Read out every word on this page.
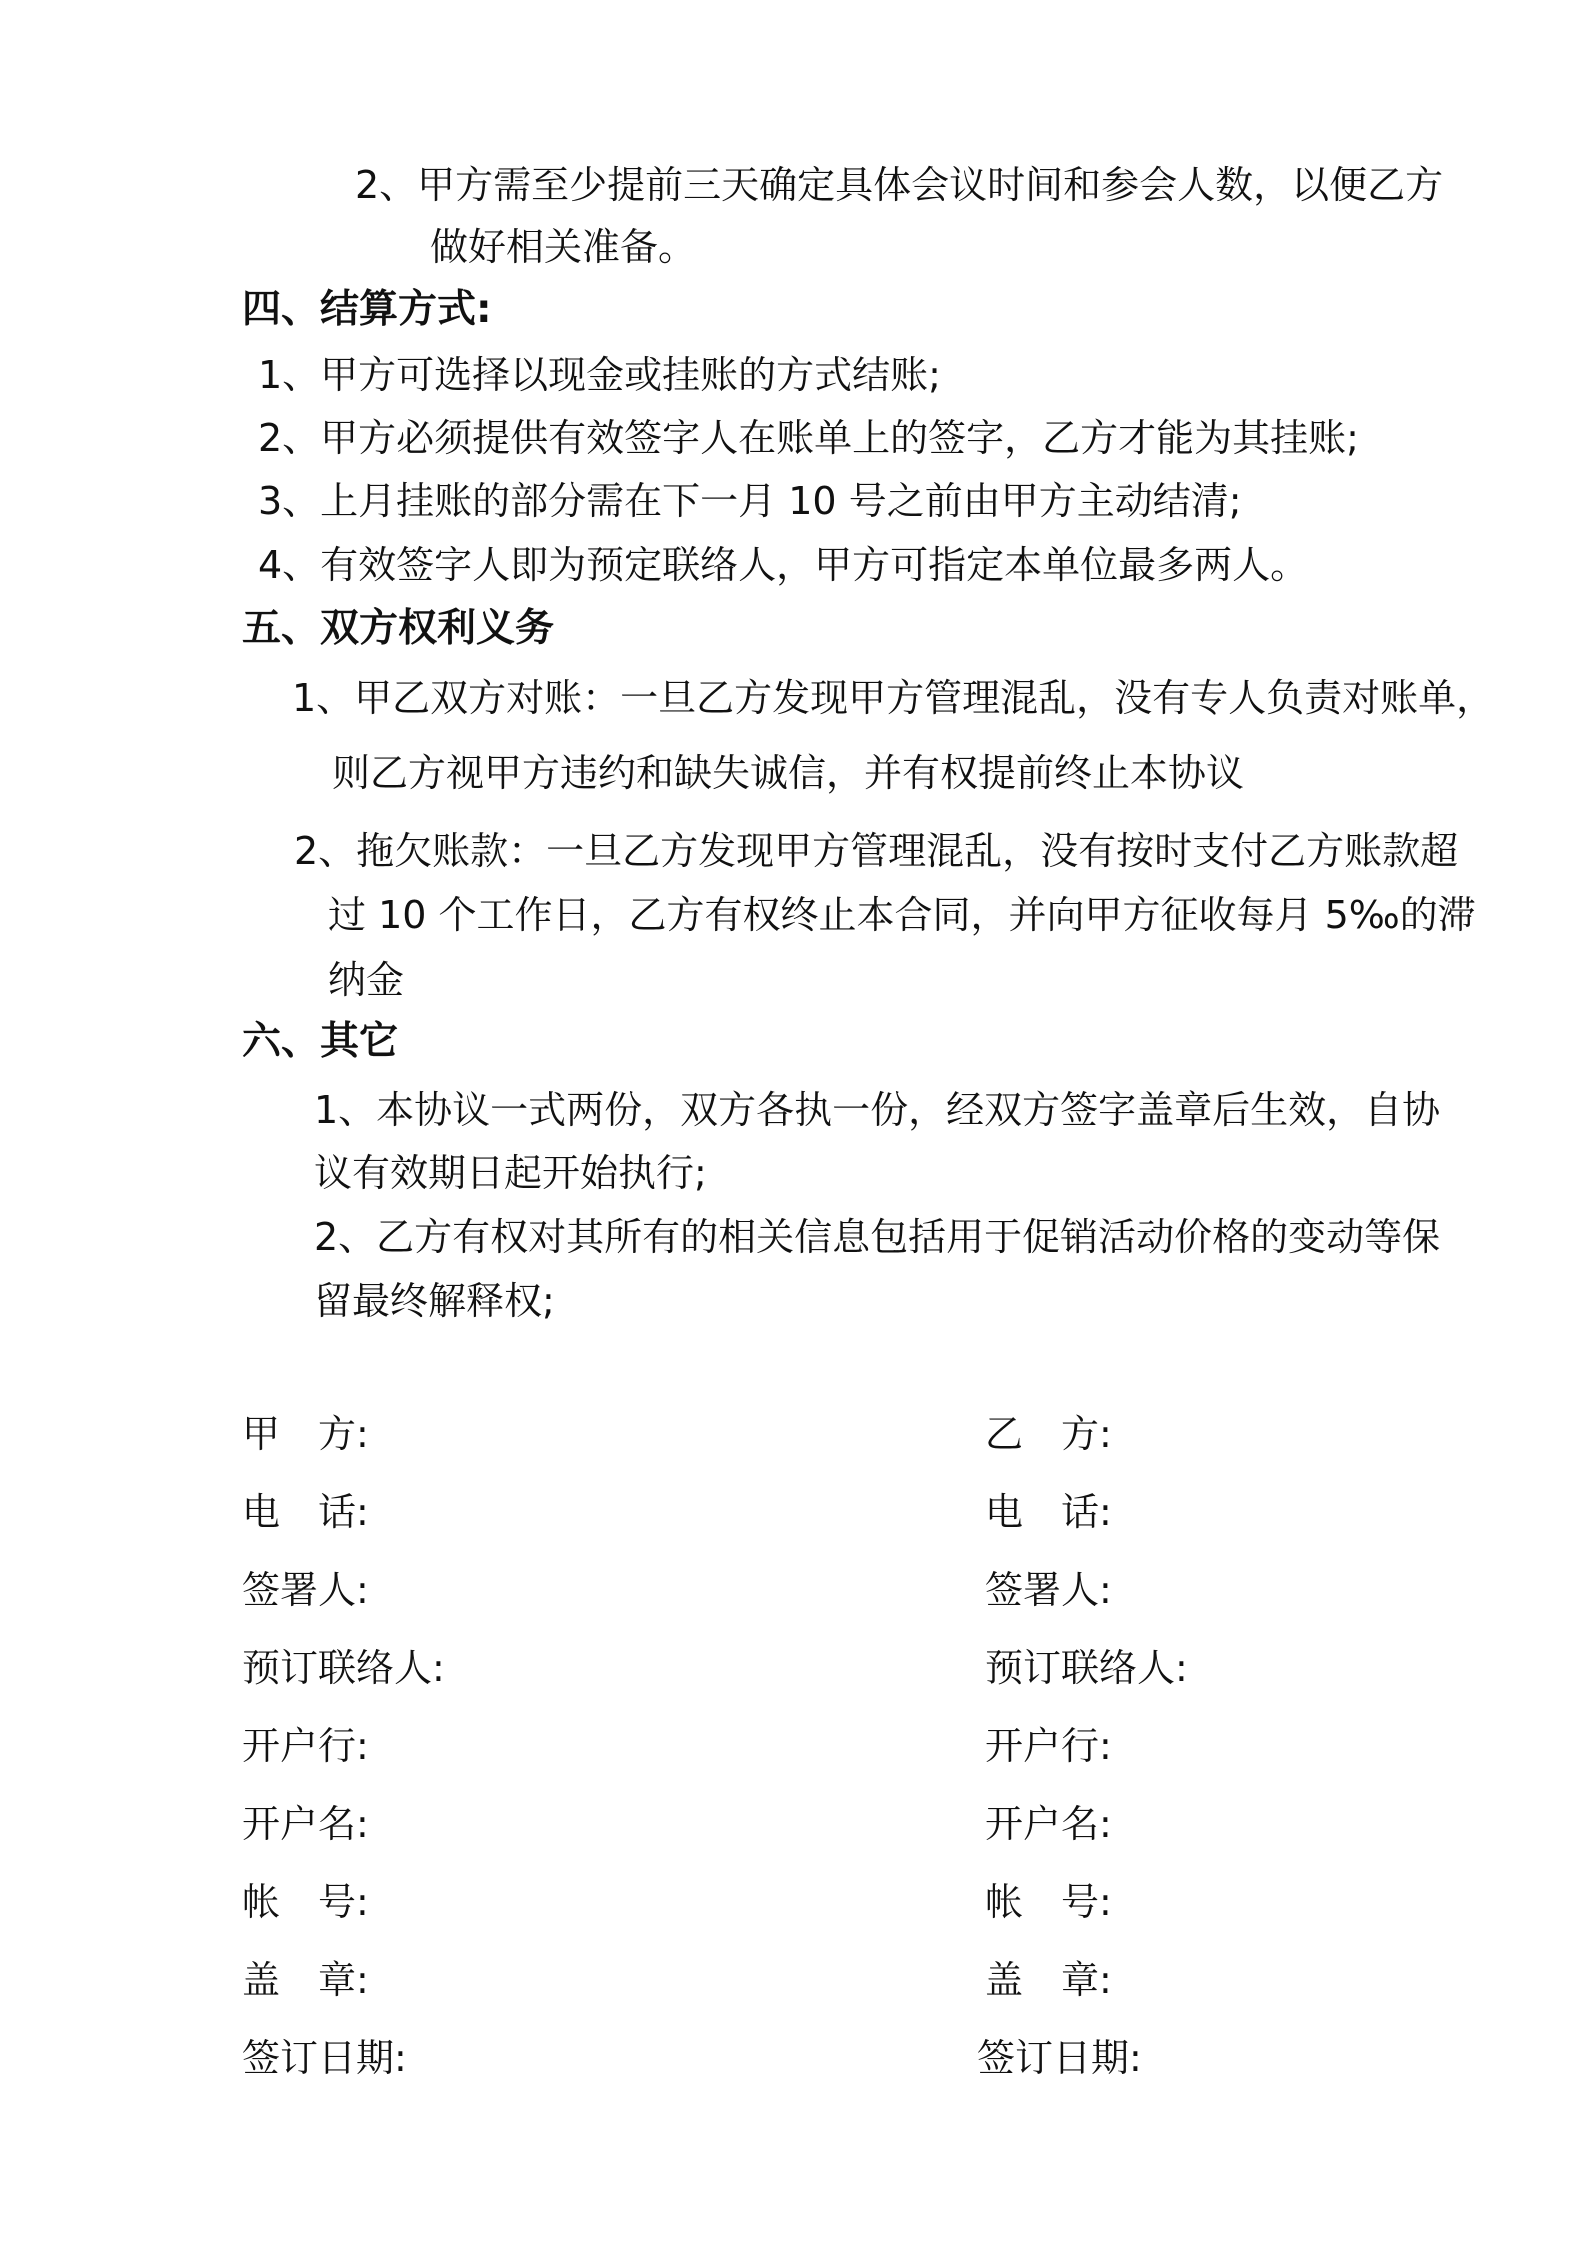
2、甲方需至少提前三天确定具体会议时间和参会人数，以便乙方
做好相关准备。
四、结算方式:
1、甲方可选择以现金或挂账的方式结账;
2、甲方必须提供有效签字人在账单上的签字，乙方才能为其挂账;
3、上月挂账的部分需在下一月 10 号之前由甲方主动结清;
4、有效签字人即为预定联络人，甲方可指定本单位最多两人。
五、双方权利义务
1、甲乙双方对账：一旦乙方发现甲方管理混乱，没有专人负责对账单，
则乙方视甲方违约和缺失诚信，并有权提前终止本协议
2、拖欠账款：一旦乙方发现甲方管理混乱，没有按时支付乙方账款超
过 10 个工作日，乙方有权终止本合同，并向甲方征收每月 5‰的滞
纳金
六、其它
1、本协议一式两份，双方各执一份，经双方签字盖章后生效，自协
议有效期日起开始执行;
2、乙方有权对其所有的相关信息包括用于促销活动价格的变动等保
留最终解释权;
甲　方:
电　话:
签署人:
预订联络人:
开户行:
开户名:
帐　号:
盖　章:
签订日期:
乙　方:
电　话:
签署人:
预订联络人:
开户行:
开户名:
帐　号:
盖　章:
签订日期:
